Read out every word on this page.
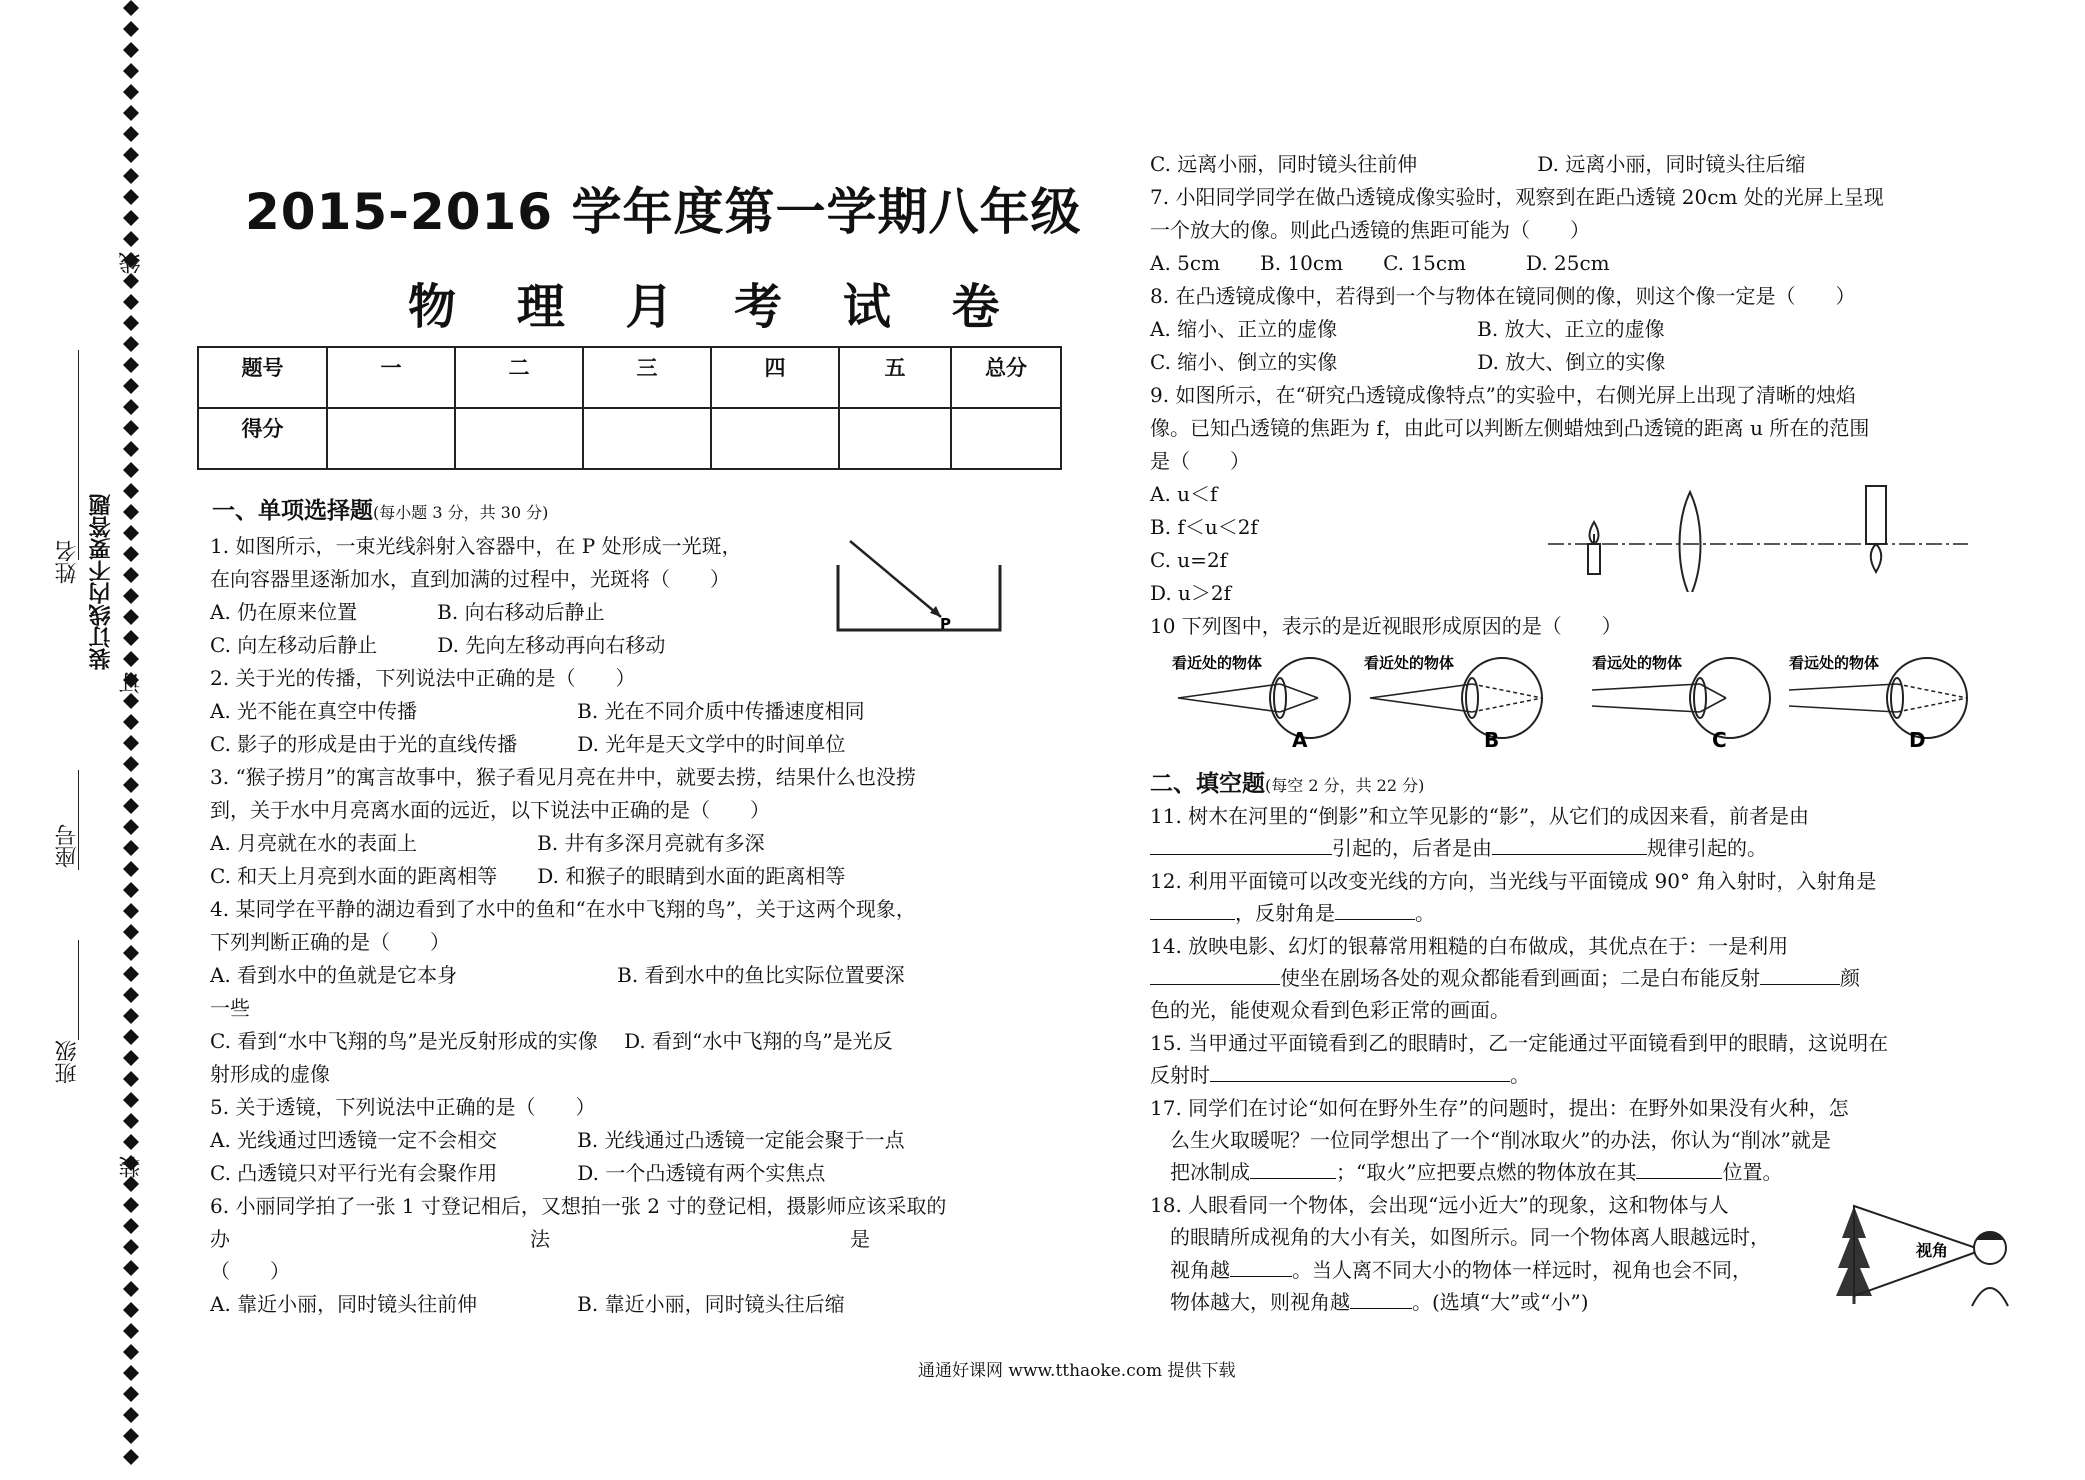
线
姓名 装订线内不要答题
订
座号
班级
装
2015-2016 学年度第一学期八年级
物 理 月 考 试 卷
题号	一	二	三	四	五	总分
得分						
一、单项选择题(每小题 3 分，共 30 分)
1. 如图所示，一束光线斜射入容器中，在 P 处形成一光斑，
在向容器里逐渐加水，直到加满的过程中，光斑将（　　）
A. 仍在原来位置　　　　B. 向右移动后静止
C. 向左移动后静止　　　D. 先向左移动再向右移动
2. 关于光的传播，下列说法中正确的是（　　）
A. 光不能在真空中传播　　　　　　　　B. 光在不同介质中传播速度相同
C. 影子的形成是由于光的直线传播　　　D. 光年是天文学中的时间单位
3. “猴子捞月”的寓言故事中，猴子看见月亮在井中，就要去捞，结果什么也没捞
到，关于水中月亮离水面的远近，以下说法中正确的是（　　）
A. 月亮就在水的表面上　　　　　　B. 井有多深月亮就有多深
C. 和天上月亮到水面的距离相等　　D. 和猴子的眼睛到水面的距离相等
4. 某同学在平静的湖边看到了水中的鱼和“在水中飞翔的鸟”，关于这两个现象，
下列判断正确的是（　　）
A. 看到水中的鱼就是它本身　　　　　　　　B. 看到水中的鱼比实际位置要深
一些
C. 看到“水中飞翔的鸟”是光反射形成的实像　 D. 看到“水中飞翔的鸟”是光反
射形成的虚像
5. 关于透镜，下列说法中正确的是（　　）
A. 光线通过凹透镜一定不会相交　　　　B. 光线通过凸透镜一定能会聚于一点
C. 凸透镜只对平行光有会聚作用　　　　D. 一个凸透镜有两个实焦点
6. 小丽同学拍了一张 1 寸登记相后，又想拍一张 2 寸的登记相，摄影师应该采取的
办　　　　　　　　　　　　　　　法　　　　　　　　　　　　　　　是
（　　）
A. 靠近小丽，同时镜头往前伸　　　　　B. 靠近小丽，同时镜头往后缩
P
C. 远离小丽，同时镜头往前伸　　　　　　D. 远离小丽，同时镜头往后缩
7. 小阳同学同学在做凸透镜成像实验时，观察到在距凸透镜 20cm 处的光屏上呈现
一个放大的像。则此凸透镜的焦距可能为（　　）
A. 5cm　　B. 10cm　　C. 15cm　　　D. 25cm
8. 在凸透镜成像中，若得到一个与物体在镜同侧的像，则这个像一定是（　　）
A. 缩小、正立的虚像　　　　　　　B. 放大、正立的虚像
C. 缩小、倒立的实像　　　　　　　D. 放大、倒立的实像
9. 如图所示，在“研究凸透镜成像特点”的实验中，右侧光屏上出现了清晰的烛焰
像。已知凸透镜的焦距为 f，由此可以判断左侧蜡烛到凸透镜的距离 u 所在的范围
是（　　）
A. u＜f
B. f＜u＜2f
C. u=2f
D. u＞2f
10 下列图中，表示的是近视眼形成原因的是（　　）
看近处的物体
A
看近处的物体
B
看远处的物体
C
看远处的物体
D
二、填空题(每空 2 分，共 22 分)
11. 树木在河里的“倒影”和立竿见影的“影”，从它们的成因来看，前者是由
引起的，后者是由	规律引起的。
12. 利用平面镜可以改变光线的方向，当光线与平面镜成 90° 角入射时，入射角是
，反射角是	。
14. 放映电影、幻灯的银幕常用粗糙的白布做成，其优点在于：一是利用
使坐在剧场各处的观众都能看到画面；二是白布能反射	颜
色的光，能使观众看到色彩正常的画面。
15. 当甲通过平面镜看到乙的眼睛时，乙一定能通过平面镜看到甲的眼睛，这说明在
反射时	。
17. 同学们在讨论“如何在野外生存”的问题时，提出：在野外如果没有火种，怎
么生火取暖呢？一位同学想出了一个“削冰取火”的办法，你认为“削冰”就是
把冰制成	；“取火”应把要点燃的物体放在其	位置。
18. 人眼看同一个物体，会出现“远小近大”的现象，这和物体与人
的眼睛所成视角的大小有关，如图所示。同一个物体离人眼越远时，
视角越	。当人离不同大小的物体一样远时，视角也会不同，
物体越大，则视角越	。(选填“大”或“小”)
视角
通通好课网 www.tthaoke.com 提供下载
